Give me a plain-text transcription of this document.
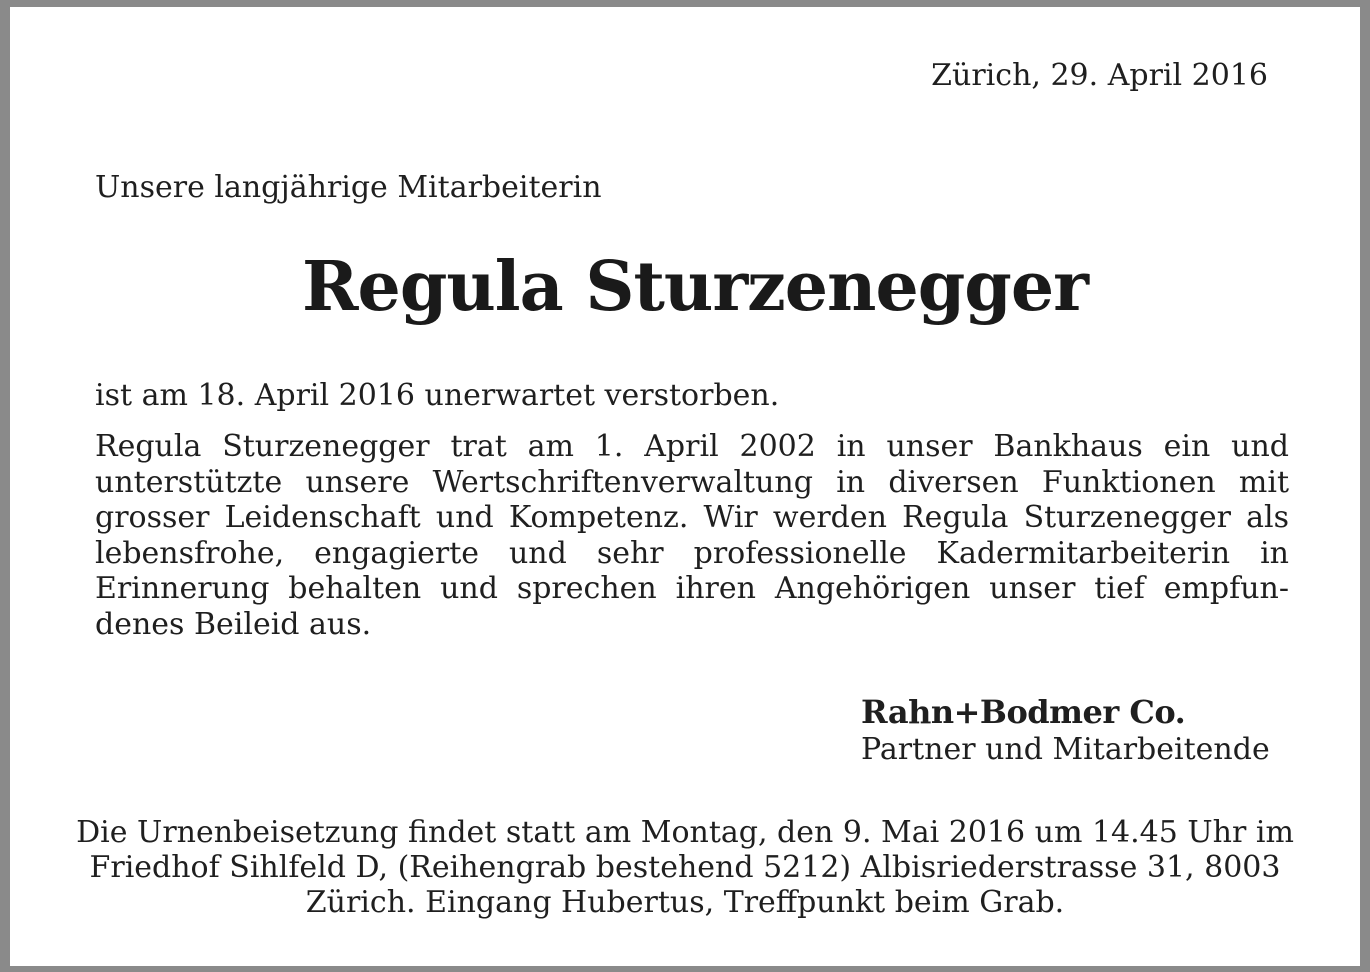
Zürich, 29. April 2016
Unsere langjährige Mitarbeiterin
Regula Sturzenegger
ist am 18. April 2016 unerwartet verstorben.

Regula Sturzenegger trat am 1. April 2002 in unser Bankhaus ein und unterstützte unsere Wertschriftenverwaltung in diversen Funktionen mit grosser Leidenschaft und Kompetenz. Wir werden Regula Sturzenegger als lebensfrohe, engagierte und sehr professionelle Kadermitarbeiterin in Erinnerung behalten und sprechen ihren Angehörigen unser tief empfundenes Beileid aus.

Rahn+Bodmer Co.
Partner und Mitarbeitende

Die Urnenbeisetzung findet statt am Montag, den 9. Mai 2016 um 14.45 Uhr im Friedhof Sihlfeld D, (Reihengrab bestehend 5212) Albisriederstrasse 31, 8003 Zürich. Eingang Hubertus, Treffpunkt beim Grab.
